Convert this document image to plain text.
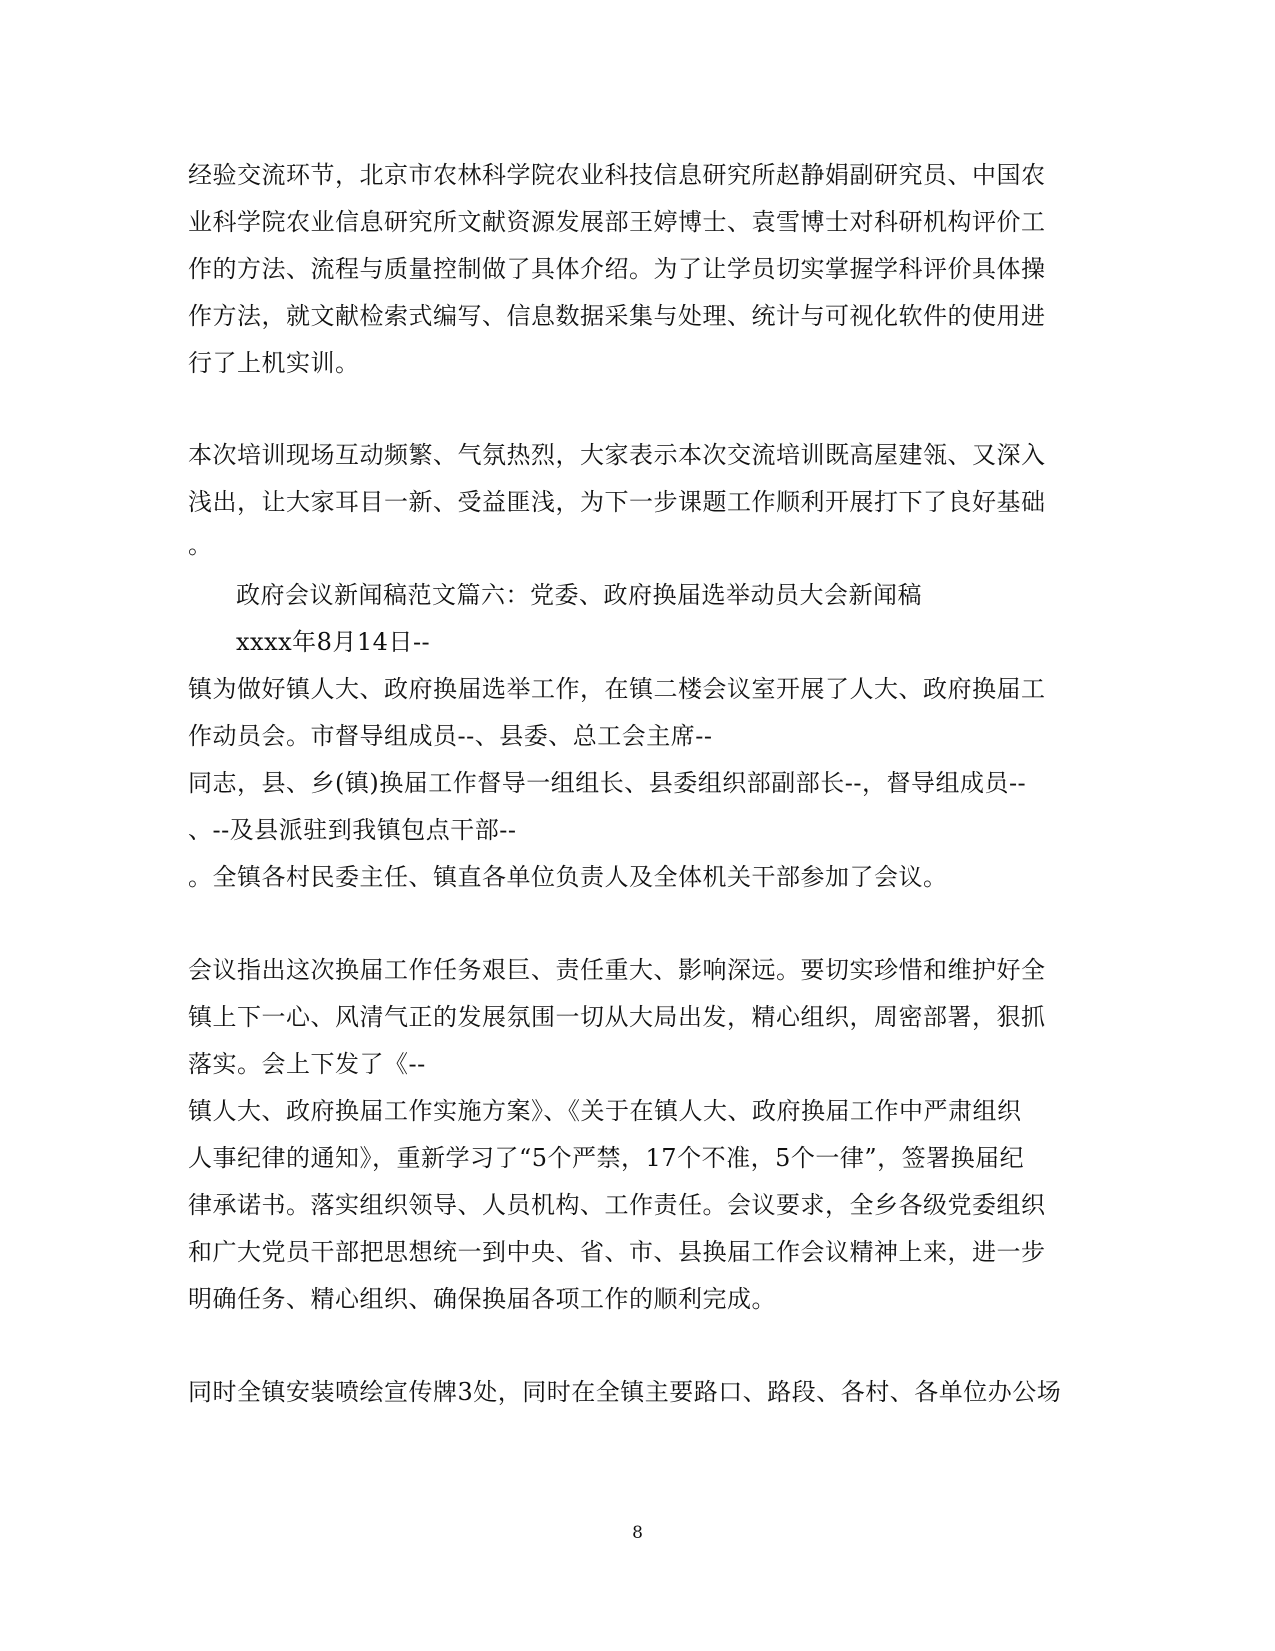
经验交流环节，北京市农林科学院农业科技信息研究所赵静娟副研究员、中国农
业科学院农业信息研究所文献资源发展部王婷博士、袁雪博士对科研机构评价工
作的方法、流程与质量控制做了具体介绍。为了让学员切实掌握学科评价具体操
作方法，就文献检索式编写、信息数据采集与处理、统计与可视化软件的使用进
行了上机实训。
本次培训现场互动频繁、气氛热烈，大家表示本次交流培训既高屋建瓴、又深入
浅出，让大家耳目一新、受益匪浅，为下一步课题工作顺利开展打下了良好基础
。
政府会议新闻稿范文篇六：党委、政府换届选举动员大会新闻稿
xxxx年8月14日--
镇为做好镇人大、政府换届选举工作，在镇二楼会议室开展了人大、政府换届工
作动员会。市督导组成员--、县委、总工会主席--
同志，县、乡(镇)换届工作督导一组组长、县委组织部副部长--，督导组成员--
、--及县派驻到我镇包点干部--
。全镇各村民委主任、镇直各单位负责人及全体机关干部参加了会议。
会议指出这次换届工作任务艰巨、责任重大、影响深远。要切实珍惜和维护好全
镇上下一心、风清气正的发展氛围一切从大局出发，精心组织，周密部署，狠抓
落实。会上下发了《--
镇人大、政府换届工作实施方案》、《关于在镇人大、政府换届工作中严肃组织
人事纪律的通知》，重新学习了“5个严禁，17个不准，5个一律”，签署换届纪
律承诺书。落实组织领导、人员机构、工作责任。会议要求，全乡各级党委组织
和广大党员干部把思想统一到中央、省、市、县换届工作会议精神上来，进一步
明确任务、精心组织、确保换届各项工作的顺利完成。
同时全镇安装喷绘宣传牌3处，同时在全镇主要路口、路段、各村、各单位办公场
8
